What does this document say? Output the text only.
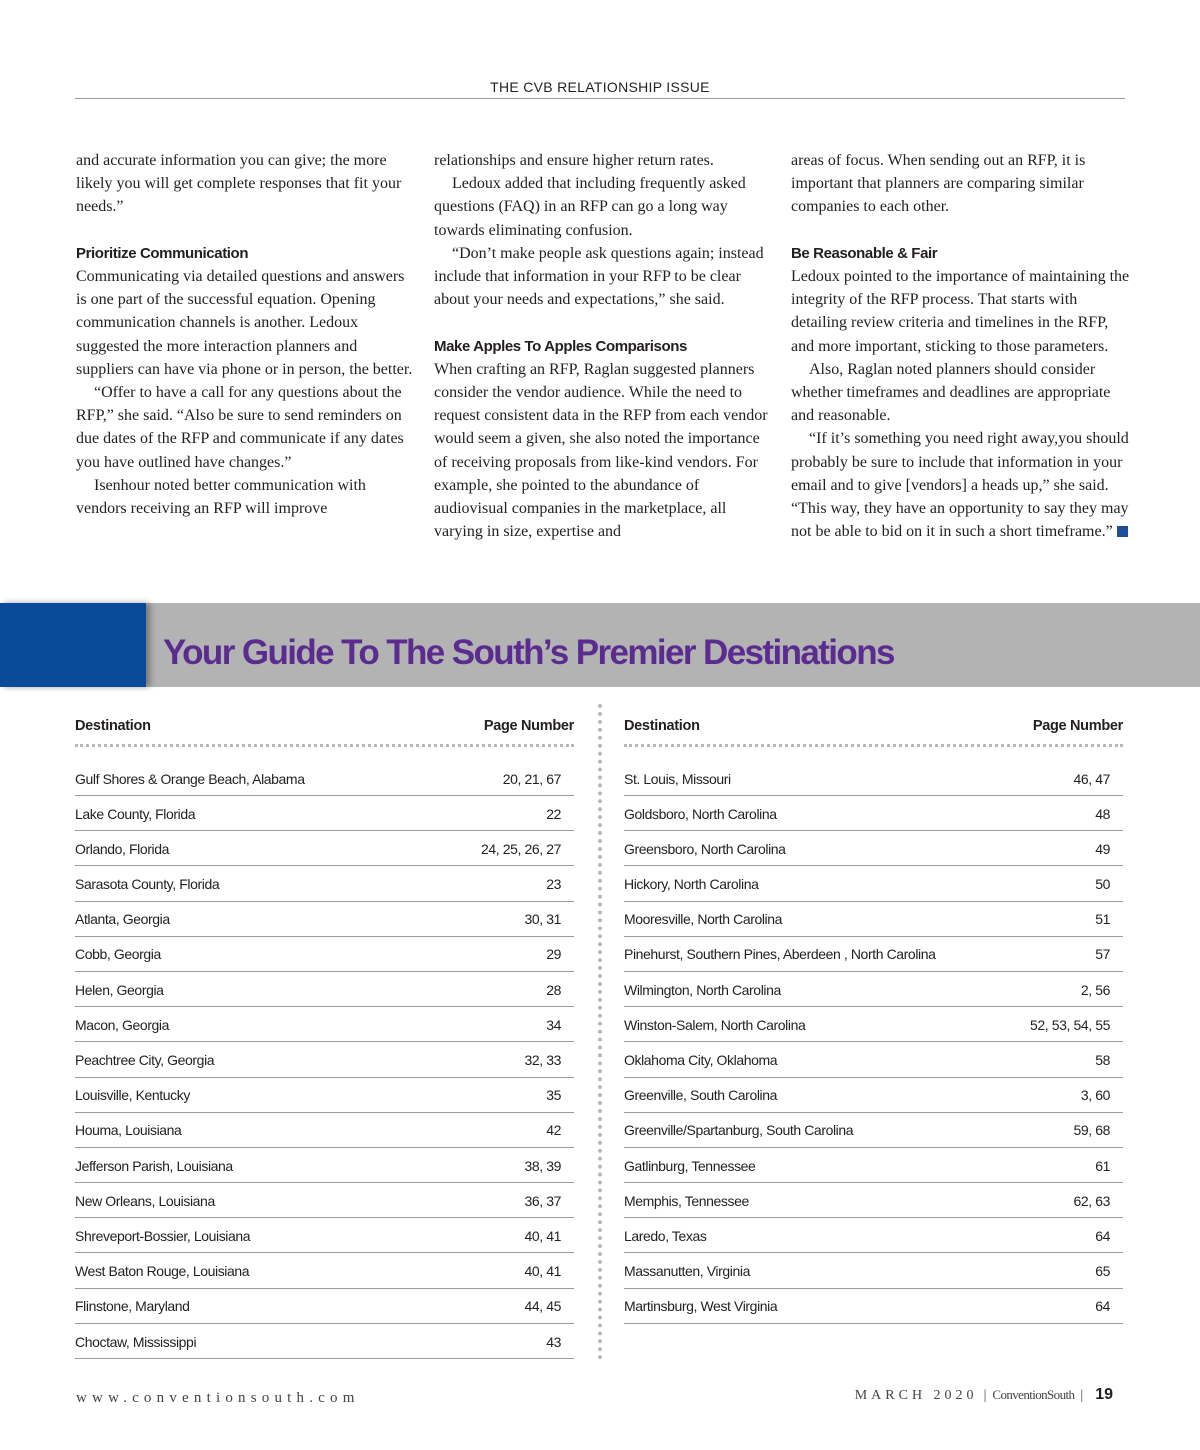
THE CVB RELATIONSHIP ISSUE

and accurate information you can give; the more likely you will get complete responses that fit your needs.”

Prioritize Communication

Communicating via detailed questions and answers is one part of the successful equation. Opening communication channels is another. Ledoux suggested the more interaction planners and suppliers can have via phone or in person, the better.

“Offer to have a call for any questions about the RFP,” she said. “Also be sure to send reminders on due dates of the RFP and communicate if any dates you have outlined have changes.”

Isenhour noted better communication with vendors receiving an RFP will improve

relationships and ensure higher return rates.

Ledoux added that including frequently asked questions (FAQ) in an RFP can go a long way towards eliminating confusion.

“Don’t make people ask questions again; instead include that information in your RFP to be clear about your needs and expectations,” she said.

Make Apples To Apples Comparisons

When crafting an RFP, Raglan suggested planners consider the vendor audience. While the need to request consistent data in the RFP from each vendor would seem a given, she also noted the importance of receiving proposals from like-kind vendors. For example, she pointed to the abundance of audiovisual companies in the marketplace, all varying in size, expertise and

areas of focus. When sending out an RFP, it is important that planners are comparing similar companies to each other.

Be Reasonable & Fair

Ledoux pointed to the importance of maintaining the integrity of the RFP process. That starts with detailing review criteria and timelines in the RFP, and more important, sticking to those parameters.

Also, Raglan noted planners should consider whether timeframes and deadlines are appropriate and reasonable.

“If it’s something you need right away,you should probably be sure to include that information in your email and to give [vendors] a heads up,” she said. “This way, they have an opportunity to say they may not be able to bid on it in such a short timeframe.”

Your Guide To The South’s Premier Destinations
Destination	Page Number
Gulf Shores & Orange Beach, Alabama	20, 21, 67
Lake County, Florida	22
Orlando, Florida	24, 25, 26, 27
Sarasota County, Florida	23
Atlanta, Georgia	30, 31
Cobb, Georgia	29
Helen, Georgia	28
Macon, Georgia	34
Peachtree City, Georgia	32, 33
Louisville, Kentucky	35
Houma, Louisiana	42
Jefferson Parish, Louisiana	38, 39
New Orleans, Louisiana	36, 37
Shreveport-Bossier, Louisiana	40, 41
West Baton Rouge, Louisiana	40, 41
Flinstone, Maryland	44, 45
Choctaw, Mississippi	43
Destination	Page Number
St. Louis, Missouri	46, 47
Goldsboro, North Carolina	48
Greensboro, North Carolina	49
Hickory, North Carolina	50
Mooresville, North Carolina	51
Pinehurst, Southern Pines, Aberdeen , North Carolina	57
Wilmington, North Carolina	2, 56
Winston-Salem, North Carolina	52, 53, 54, 55
Oklahoma City, Oklahoma	58
Greenville, South Carolina	3, 60
Greenville/Spartanburg, South Carolina	59, 68
Gatlinburg, Tennessee	61
Memphis, Tennessee	62, 63
Laredo, Texas	64
Massanutten, Virginia	65
Martinsburg, West Virginia	64
www.conventionsouth.com	MARCH 2020 | ConventionSouth | 19
